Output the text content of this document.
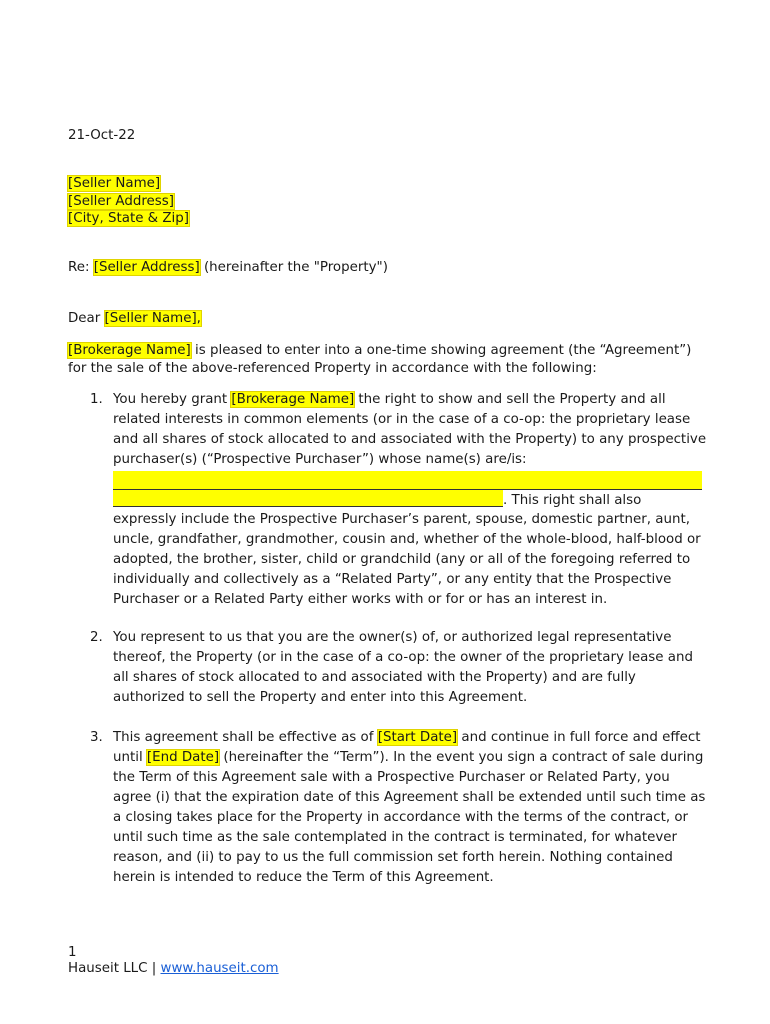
21-Oct-22
[Seller Name]
[Seller Address]
[City, State & Zip]
Re: [Seller Address] (hereinafter the "Property")
Dear [Seller Name],
[Brokerage Name] is pleased to enter into a one-time showing agreement (the “Agreement”)
for the sale of the above-referenced Property in accordance with the following:
1. You hereby grant [Brokerage Name] the right to show and sell the Property and all
related interests in common elements (or in the case of a co-op: the proprietary lease
and all shares of stock allocated to and associated with the Property) to any prospective
purchaser(s) (“Prospective Purchaser”) whose name(s) are/is:
. This right shall also
expressly include the Prospective Purchaser’s parent, spouse, domestic partner, aunt,
uncle, grandfather, grandmother, cousin and, whether of the whole-blood, half-blood or
adopted, the brother, sister, child or grandchild (any or all of the foregoing referred to
individually and collectively as a “Related Party”, or any entity that the Prospective
Purchaser or a Related Party either works with or for or has an interest in.
2. You represent to us that you are the owner(s) of, or authorized legal representative
thereof, the Property (or in the case of a co-op: the owner of the proprietary lease and
all shares of stock allocated to and associated with the Property) and are fully
authorized to sell the Property and enter into this Agreement.
3. This agreement shall be effective as of [Start Date] and continue in full force and effect
until [End Date] (hereinafter the “Term”). In the event you sign a contract of sale during
the Term of this Agreement sale with a Prospective Purchaser or Related Party, you
agree (i) that the expiration date of this Agreement shall be extended until such time as
a closing takes place for the Property in accordance with the terms of the contract, or
until such time as the sale contemplated in the contract is terminated, for whatever
reason, and (ii) to pay to us the full commission set forth herein. Nothing contained
herein is intended to reduce the Term of this Agreement.
1
Hauseit LLC | www.hauseit.com
